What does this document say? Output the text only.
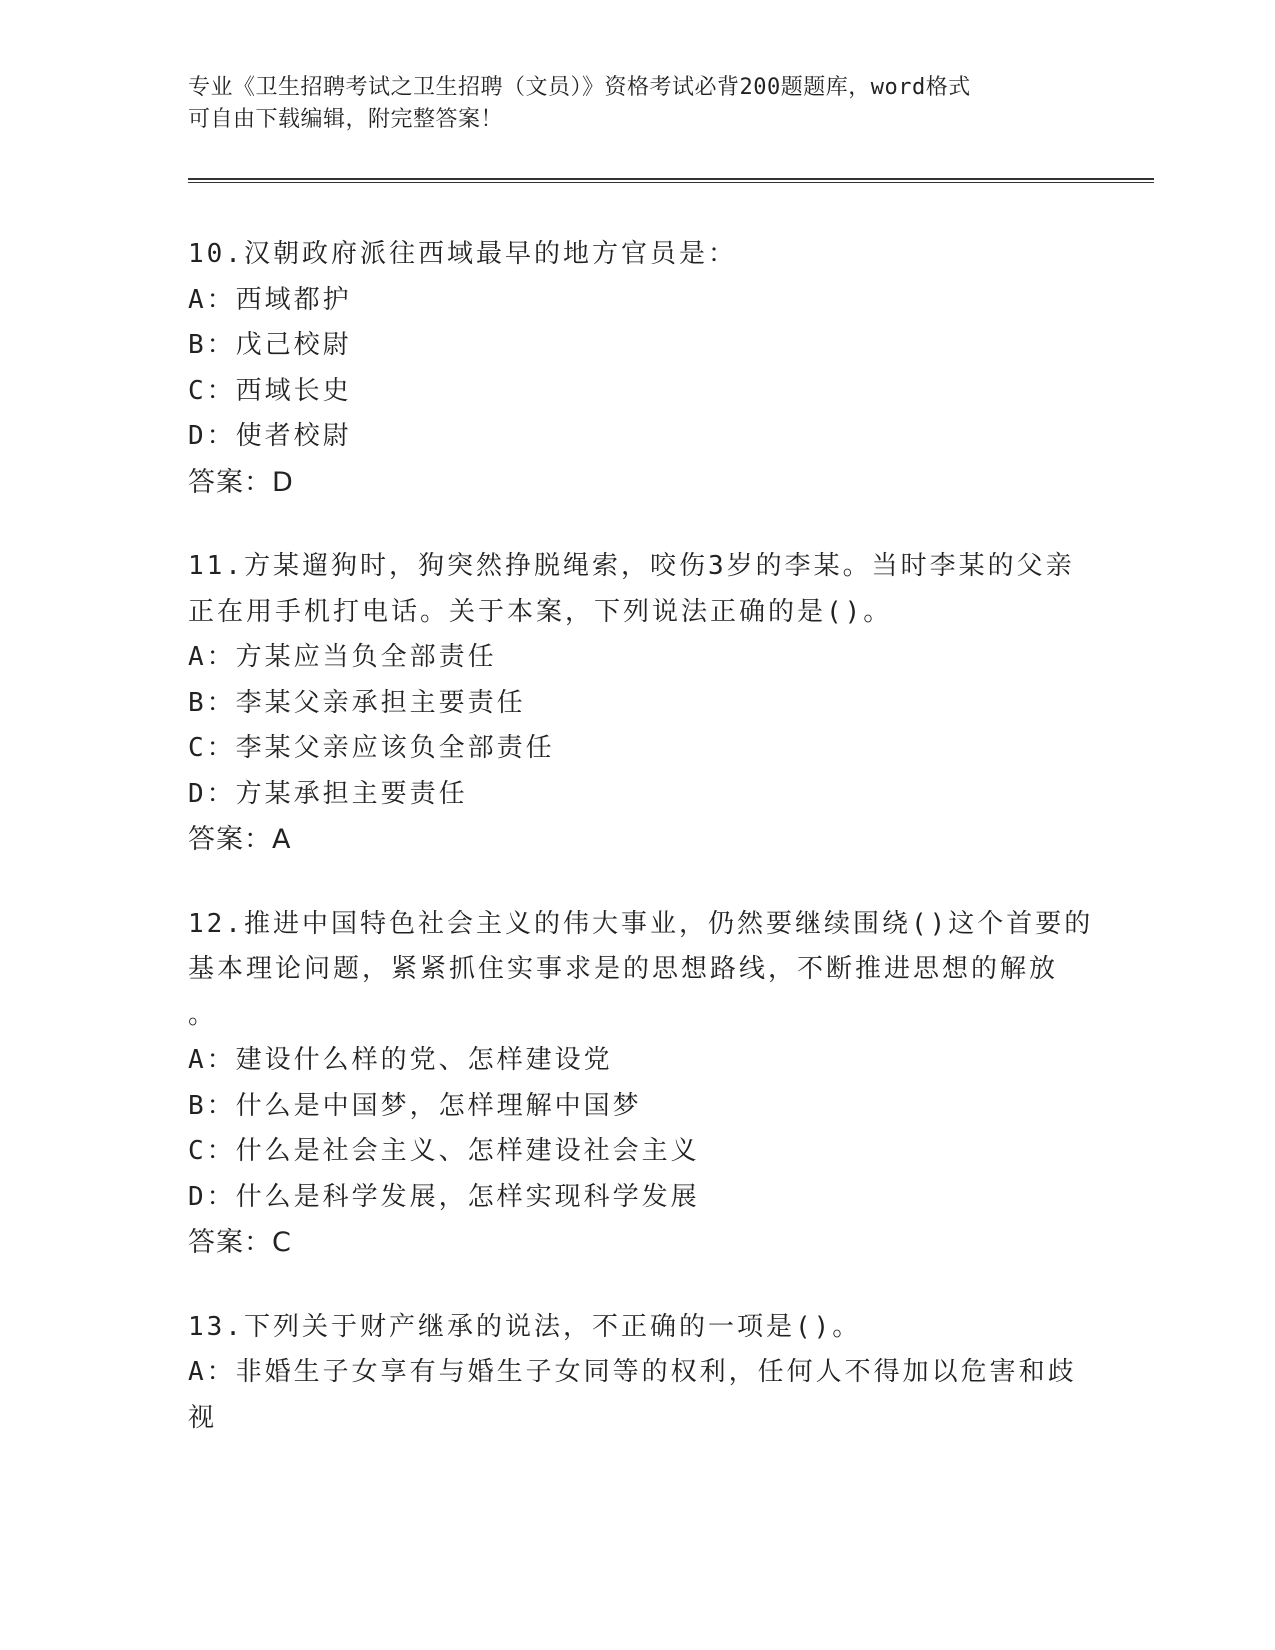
专业《卫生招聘考试之卫生招聘（文员）》资格考试必背200题题库，word格式
可自由下载编辑，附完整答案！
10.汉朝政府派往西域最早的地方官员是：
A：西域都护
B：戊己校尉
C：西域长史
D：使者校尉
答案：D
11.方某遛狗时，狗突然挣脱绳索，咬伤3岁的李某。当时李某的父亲
正在用手机打电话。关于本案，下列说法正确的是()。
A：方某应当负全部责任
B：李某父亲承担主要责任
C：李某父亲应该负全部责任
D：方某承担主要责任
答案：A
12.推进中国特色社会主义的伟大事业，仍然要继续围绕()这个首要的
基本理论问题，紧紧抓住实事求是的思想路线，不断推进思想的解放
。
A：建设什么样的党、怎样建设党
B：什么是中国梦，怎样理解中国梦
C：什么是社会主义、怎样建设社会主义
D：什么是科学发展，怎样实现科学发展
答案：C
13.下列关于财产继承的说法，不正确的一项是()。
A：非婚生子女享有与婚生子女同等的权利，任何人不得加以危害和歧
视
